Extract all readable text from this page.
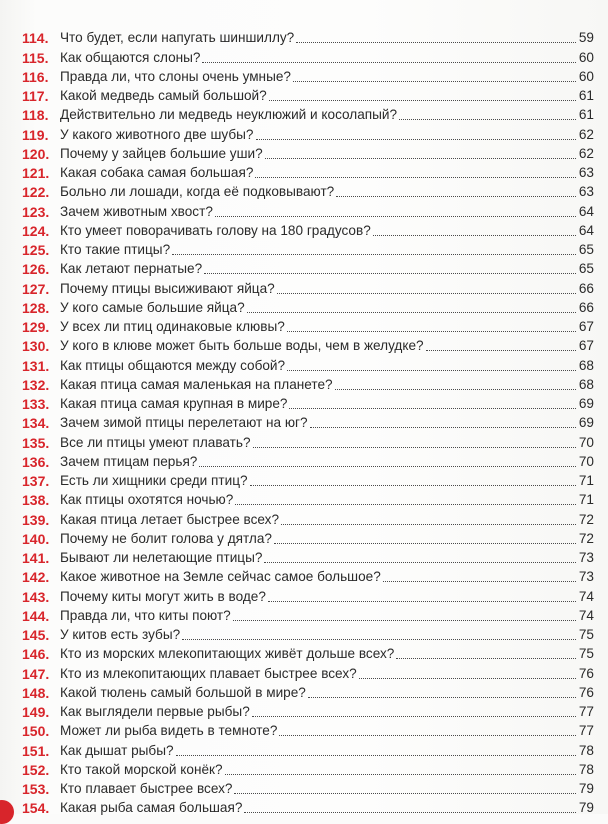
114. Что будет, если напугать шиншиллу?	59
115. Как общаются слоны?	60
116. Правда ли, что слоны очень умные?	60
117. Какой медведь самый большой?	61
118. Действительно ли медведь неуклюжий и косолапый?	61
119. У какого животного две шубы?	62
120. Почему у зайцев большие уши?	62
121. Какая собака самая большая?	63
122. Больно ли лошади, когда её подковывают?	63
123. Зачем животным хвост?	64
124. Кто умеет поворачивать голову на 180 градусов?	64
125. Кто такие птицы?	65
126. Как летают пернатые?	65
127. Почему птицы высиживают яйца?	66
128. У кого самые большие яйца?	66
129. У всех ли птиц одинаковые клювы?	67
130. У кого в клюве может быть больше воды, чем в желудке?	67
131. Как птицы общаются между собой?	68
132. Какая птица самая маленькая на планете?	68
133. Какая птица самая крупная в мире?	69
134. Зачем зимой птицы перелетают на юг?	69
135. Все ли птицы умеют плавать?	70
136. Зачем птицам перья?	70
137. Есть ли хищники среди птиц?	71
138. Как птицы охотятся ночью?	71
139. Какая птица летает быстрее всех?	72
140. Почему не болит голова у дятла?	72
141. Бывают ли нелетающие птицы?	73
142. Какое животное на Земле сейчас самое большое?	73
143. Почему киты могут жить в воде?	74
144. Правда ли, что киты поют?	74
145. У китов есть зубы?	75
146. Кто из морских млекопитающих живёт дольше всех?	75
147. Кто из млекопитающих плавает быстрее всех?	76
148. Какой тюлень самый большой в мире?	76
149. Как выглядели первые рыбы?	77
150. Может ли рыба видеть в темноте?	77
151. Как дышат рыбы?	78
152. Кто такой морской конёк?	78
153. Кто плавает быстрее всех?	79
154. Какая рыба самая большая?	79
